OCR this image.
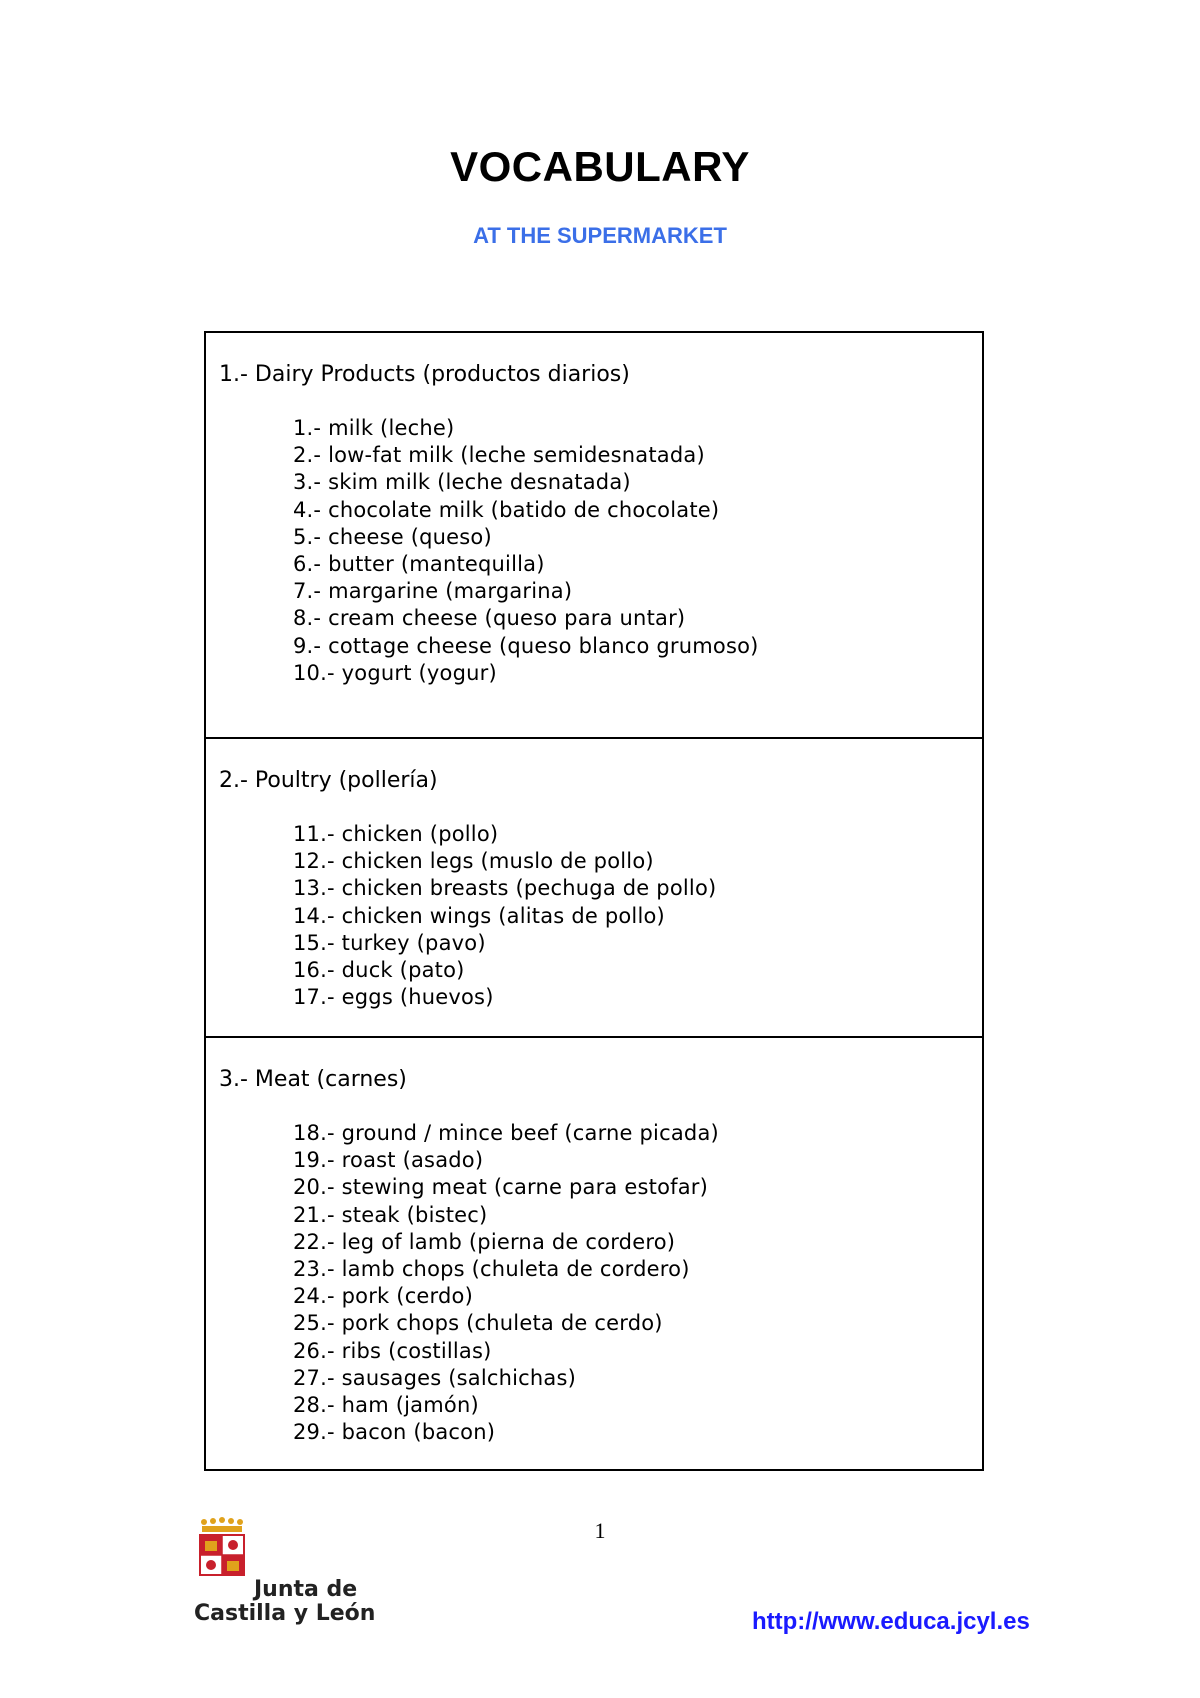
VOCABULARY
AT THE SUPERMARKET
1.- Dairy Products (productos diarios)
1.- milk (leche)
2.- low-fat milk (leche semidesnatada)
3.- skim milk (leche desnatada)
4.- chocolate milk (batido de chocolate)
5.- cheese (queso)
6.- butter (mantequilla)
7.- margarine (margarina)
8.- cream cheese (queso para untar)
9.- cottage cheese (queso blanco grumoso)
10.- yogurt (yogur)
2.- Poultry (pollería)
11.- chicken (pollo)
12.- chicken legs (muslo de pollo)
13.- chicken breasts (pechuga de pollo)
14.- chicken wings (alitas de pollo)
15.- turkey (pavo)
16.- duck (pato)
17.- eggs (huevos)
3.- Meat (carnes)
18.- ground / mince beef (carne picada)
19.- roast (asado)
20.- stewing meat (carne para estofar)
21.- steak (bistec)
22.- leg of lamb (pierna de cordero)
23.- lamb chops (chuleta de cordero)
24.- pork (cerdo)
25.- pork chops (chuleta de cerdo)
26.- ribs (costillas)
27.- sausages (salchichas)
28.- ham (jamón)
29.- bacon (bacon)
1
Junta de
Castilla y León	http://www.educa.jcyl.es
